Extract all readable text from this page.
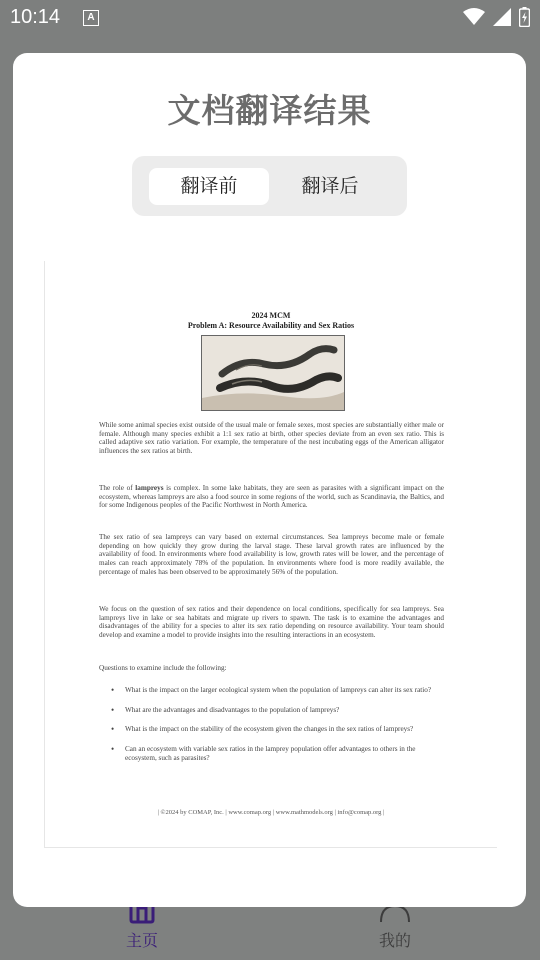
10:14	A
主页	我的
文档翻译结果
翻译前	翻译后
2024 MCM
Problem A: Resource Availability and Sex Ratios
While some animal species exist outside of the usual male or female sexes, most species are substantially either male or female. Although many species exhibit a 1:1 sex ratio at birth, other species deviate from an even sex ratio. This is called adaptive sex ratio variation. For example, the temperature of the nest incubating eggs of the American alligator influences the sex ratios at birth.
The role of lampreys is complex. In some lake habitats, they are seen as parasites with a significant impact on the ecosystem, whereas lampreys are also a food source in some regions of the world, such as Scandinavia, the Baltics, and for some Indigenous peoples of the Pacific Northwest in North America.
The sex ratio of sea lampreys can vary based on external circumstances. Sea lampreys become male or female depending on how quickly they grow during the larval stage. These larval growth rates are influenced by the availability of food. In environments where food availability is low, growth rates will be lower, and the percentage of males can reach approximately 78% of the population. In environments where food is more readily available, the percentage of males has been observed to be approximately 56% of the population.
We focus on the question of sex ratios and their dependence on local conditions, specifically for sea lampreys. Sea lampreys live in lake or sea habitats and migrate up rivers to spawn. The task is to examine the advantages and disadvantages of the ability for a species to alter its sex ratio depending on resource availability. Your team should develop and examine a model to provide insights into the resulting interactions in an ecosystem.
Questions to examine include the following:
• What is the impact on the larger ecological system when the population of lampreys can alter its sex ratio?
• What are the advantages and disadvantages to the population of lampreys?
• What is the impact on the stability of the ecosystem given the changes in the sex ratios of lampreys?
• Can an ecosystem with variable sex ratios in the lamprey population offer advantages to others in the ecosystem, such as parasites?
| ©2024 by COMAP, Inc. | www.comap.org | www.mathmodels.org | info@comap.org |
